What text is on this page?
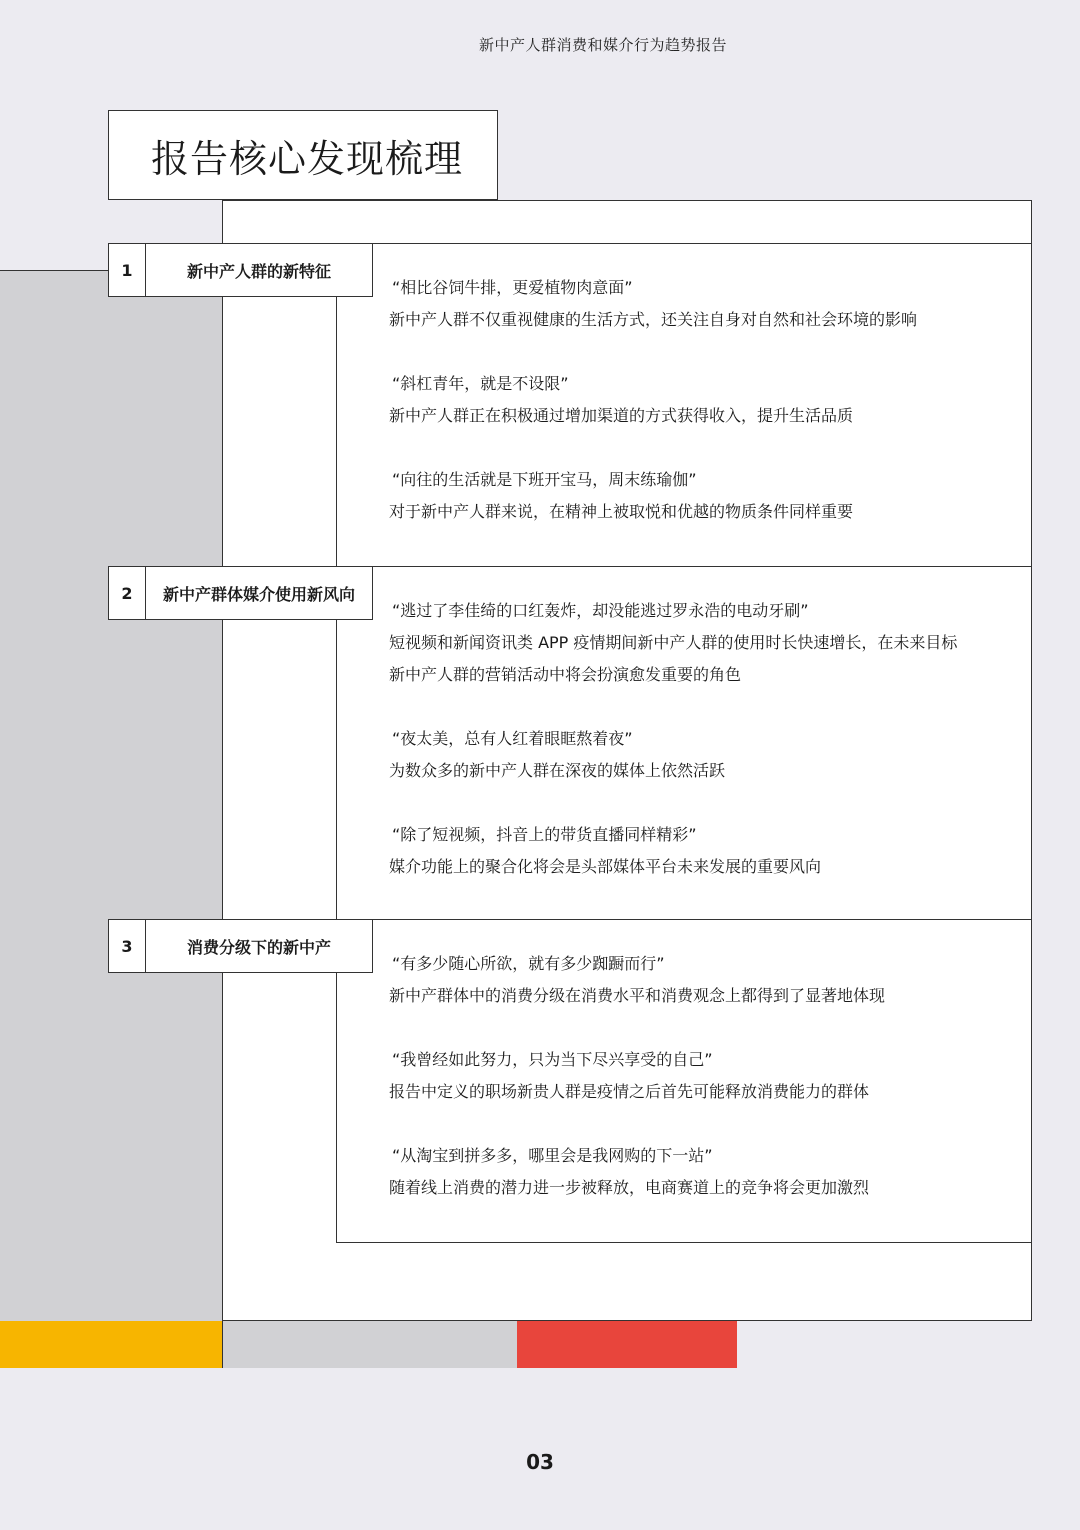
新中产人群消费和媒介行为趋势报告
报告核心发现梳理
1	新中产人群的新特征
“相比谷饲牛排，更爱植物肉意面”
新中产人群不仅重视健康的生活方式，还关注自身对自然和社会环境的影响
“斜杠青年，就是不设限”
新中产人群正在积极通过增加渠道的方式获得收入，提升生活品质
“向往的生活就是下班开宝马，周末练瑜伽”
对于新中产人群来说，在精神上被取悦和优越的物质条件同样重要
2	新中产群体媒介使用新风向
“逃过了李佳绮的口红轰炸，却没能逃过罗永浩的电动牙刷”
短视频和新闻资讯类 APP 疫情期间新中产人群的使用时长快速增长，在未来目标
新中产人群的营销活动中将会扮演愈发重要的角色
“夜太美，总有人红着眼眶熬着夜”
为数众多的新中产人群在深夜的媒体上依然活跃
“除了短视频，抖音上的带货直播同样精彩”
媒介功能上的聚合化将会是头部媒体平台未来发展的重要风向
3	消费分级下的新中产
“有多少随心所欲，就有多少踟蹰而行”
新中产群体中的消费分级在消费水平和消费观念上都得到了显著地体现
“我曾经如此努力，只为当下尽兴享受的自己”
报告中定义的职场新贵人群是疫情之后首先可能释放消费能力的群体
“从淘宝到拼多多，哪里会是我网购的下一站”
随着线上消费的潜力进一步被释放，电商赛道上的竞争将会更加激烈
03
